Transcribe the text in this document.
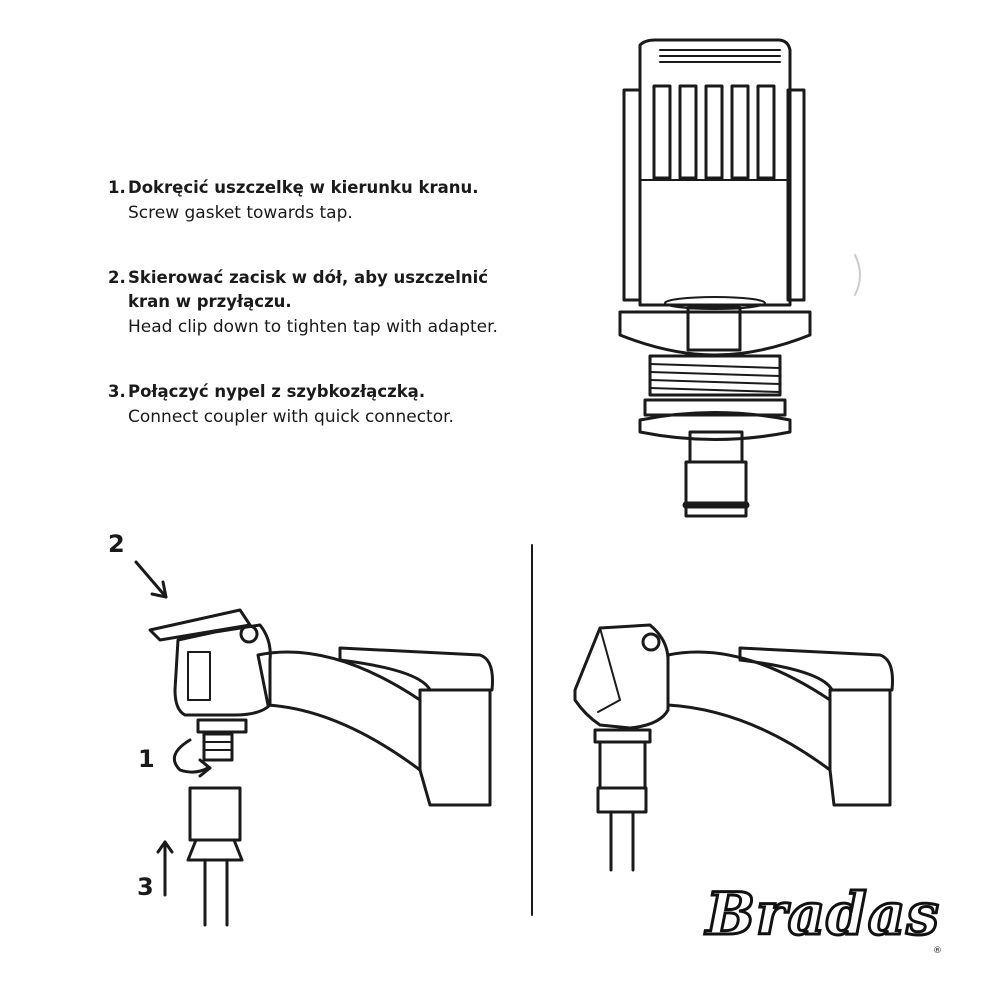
1. Dokręcić uszczelkę w kierunku kranu.
Screw gasket towards tap.
2. Skierować zacisk w dół, aby uszczelnić
kran w przyłączu.
Head clip down to tighten tap with adapter.
3. Połączyć nypel z szybkozłączką.
Connect coupler with quick connector.
2
1
3	Bradas
®
